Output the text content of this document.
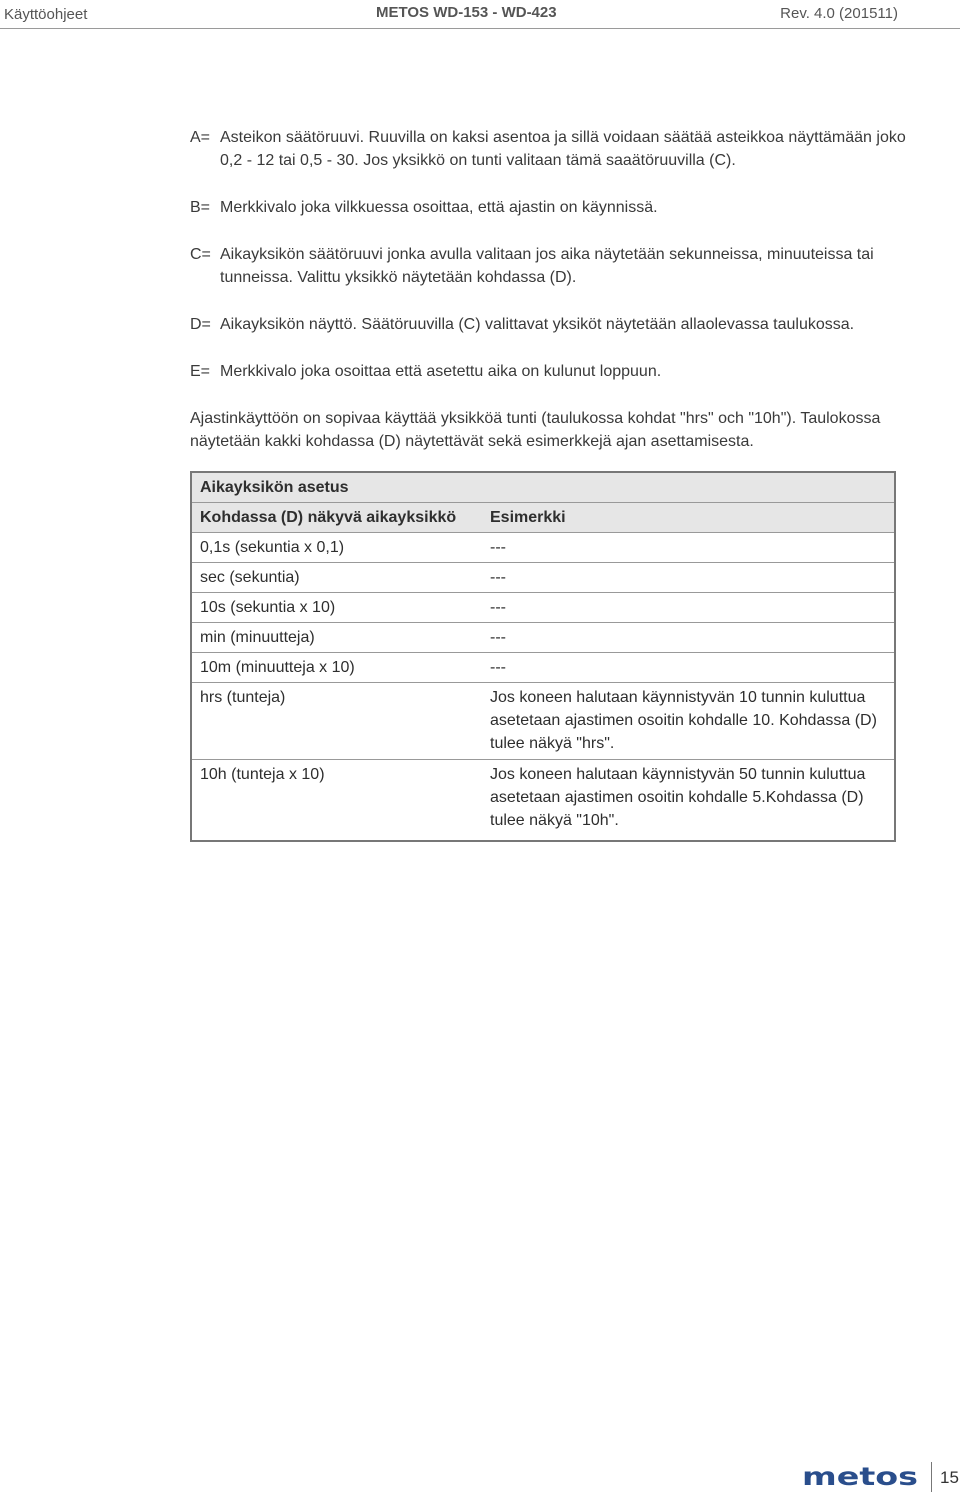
Käyttöohjeet	METOS WD-153 - WD-423	Rev. 4.0 (201511)
A= Asteikon säätöruuvi. Ruuvilla on kaksi asentoa ja sillä voidaan säätää asteikkoa näyttämään joko 0,2 - 12 tai 0,5 - 30. Jos yksikkö on tunti valitaan tämä saaätöruuvilla (C).
B= Merkkivalo joka vilkkuessa osoittaa, että ajastin on käynnissä.
C= Aikayksikön säätöruuvi jonka avulla valitaan jos aika näytetään sekunneissa, minuuteissa tai tunneissa. Valittu yksikkö näytetään kohdassa (D).
D= Aikayksikön näyttö. Säätöruuvilla (C) valittavat yksiköt näytetään allaolevassa taulukossa.
E= Merkkivalo joka osoittaa että asetettu aika on kulunut loppuun.
Ajastinkäyttöön on sopivaa käyttää yksikköä tunti (taulukossa kohdat "hrs" och "10h"). Taulokossa näytetään kakki kohdassa (D) näytettävät sekä esimerkkejä ajan asettamisesta.
Aikayksikön asetus	
Kohdassa (D) näkyvä aikayksikkö	Esimerkki
0,1s (sekuntia x 0,1)	---
sec (sekuntia)	---
10s (sekuntia x 10)	---
min (minuutteja)	---
10m (minuutteja x 10)	---
hrs (tunteja)	Jos koneen halutaan käynnistyvän 10 tunnin kuluttua asetetaan ajastimen osoitin kohdalle 10. Kohdassa (D) tulee näkyä "hrs".
10h (tunteja x 10)	Jos koneen halutaan käynnistyvän 50 tunnin kuluttua asetetaan ajastimen osoitin kohdalle 5.Kohdassa (D) tulee näkyä "10h".
metos 15
